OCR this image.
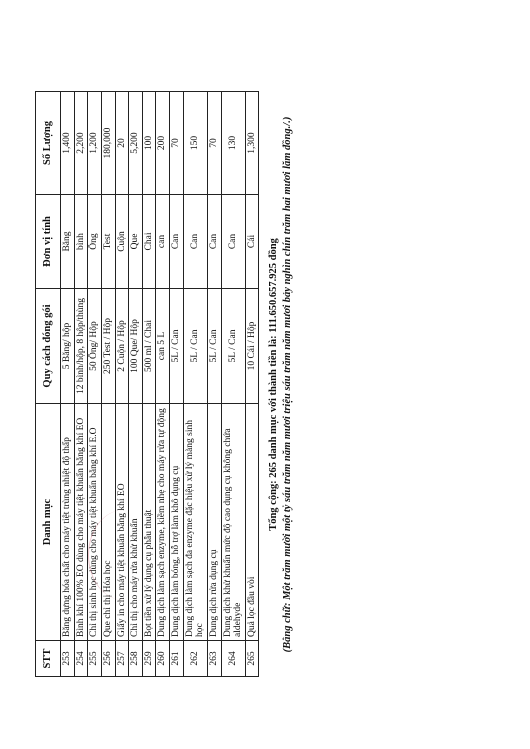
STT	Danh mục	Quy cách đóng gói	Đơn vị tính	Số Lượng
253	Băng dựng hóa chất cho máy tiệt trùng nhiệt độ thấp	5 Băng/ hộp	Băng	1,400
254	Bình khí 100% EO dùng cho máy tiệt khuẩn bằng khí EO	12 bình/hộp, 8 hộp/thùng	bình	2,200
255	Chỉ thị sinh học dùng cho máy tiệt khuẩn bằng khí E.O	50 Ống/ Hộp	Ống	1,200
256	Que chỉ thị Hóa học	250 Test / Hộp	Test	180,000
257	Giấy in cho máy tiệt khuẩn bằng khí EO	2 Cuộn / Hộp	Cuộn	20
258	Chỉ thị cho máy rửa khử khuẩn	100 Que/ Hộp	Que	5,200
259	Bọt tiền xử lý dụng cụ phẫu thuật	500 ml / Chai	Chai	100
260	Dung dịch làm sạch enzyme, kiềm nhẹ cho máy rửa tự động	can 5 L	can	200
261	Dung dịch làm bóng, hỗ trợ làm khô dụng cụ	5L / Can	Can	70
262	Dung dịch làm sạch đa enzyme đặc hiệu xử lý màng sinh học	5L / Can	Can	150
263	Dung dịch rửa dụng cụ	5L / Can	Can	70
264	Dung dịch khử khuẩn mức độ cao dụng cụ không chứa aldehyde	5L / Can	Can	130
265	Quả lọc đầu vòi	10 Cái / Hộp	Cái	1,300
Tổng cộng: 265 danh mục với thành tiền là: 111.650.657.925 đồng (Bằng chữ: Một trăm mười một tỷ sáu trăm năm mươi triệu sáu trăm năm mươi bảy nghìn chín trăm hai mươi lăm đồng./.)
